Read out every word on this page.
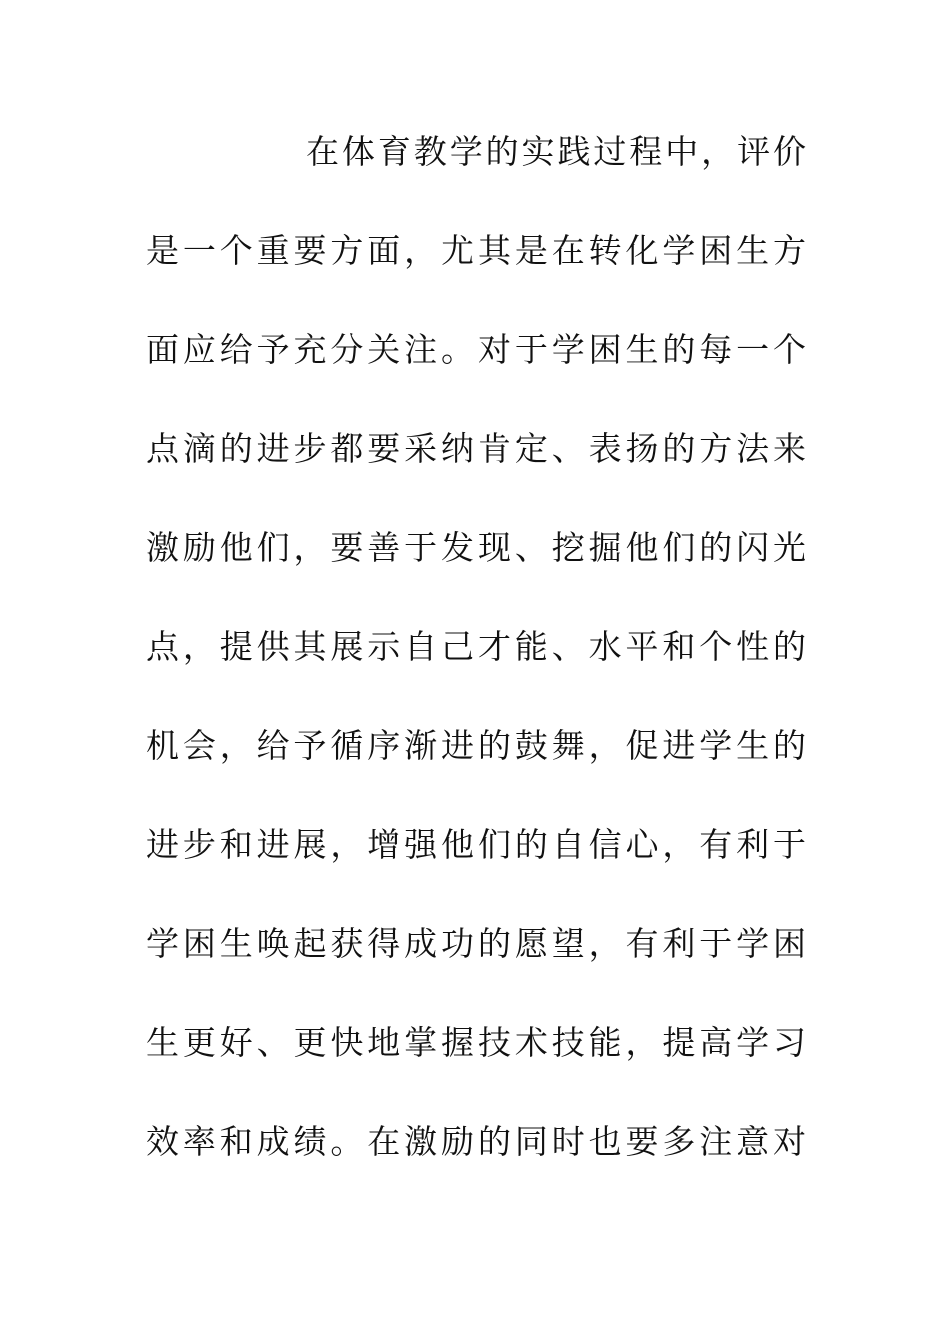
在体育教学的实践过程中，评价
是一个重要方面，尤其是在转化学困生方
面应给予充分关注。对于学困生的每一个
点滴的进步都要采纳肯定、表扬的方法来
激励他们，要善于发现、挖掘他们的闪光
点，提供其展示自己才能、水平和个性的
机会，给予循序渐进的鼓舞，促进学生的
进步和进展，增强他们的自信心，有利于
学困生唤起获得成功的愿望，有利于学困
生更好、更快地掌握技术技能，提高学习
效率和成绩。在激励的同时也要多注意对
